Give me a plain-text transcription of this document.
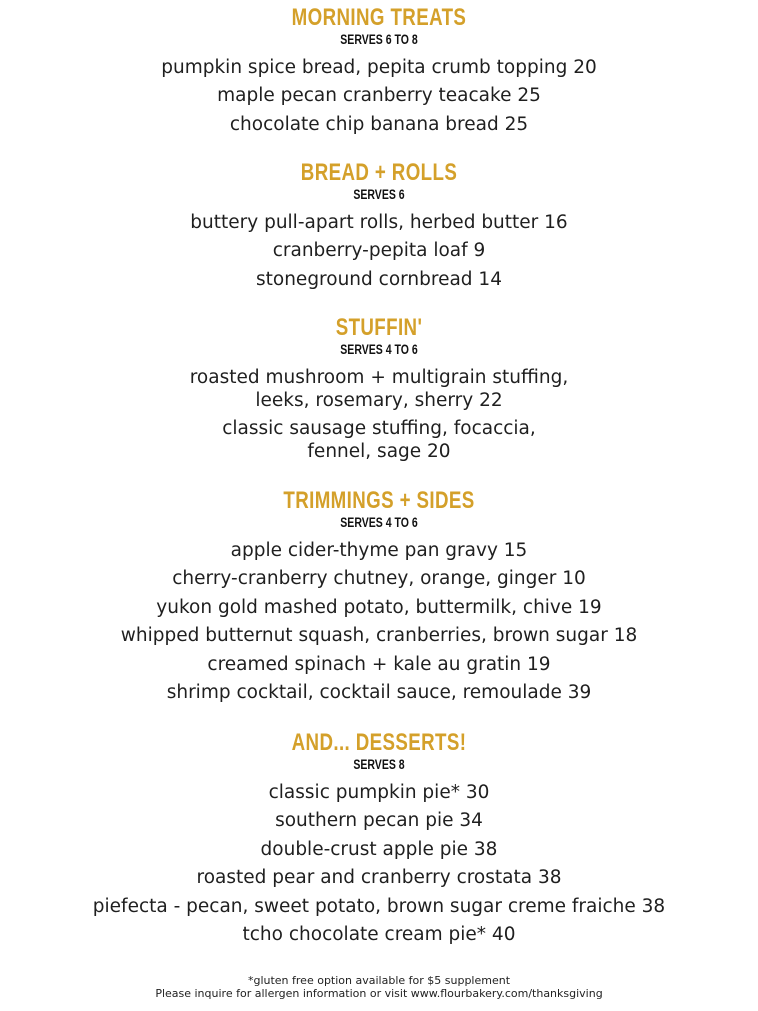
MORNING TREATS
SERVES 6 TO 8
pumpkin spice bread, pepita crumb topping 20
maple pecan cranberry teacake 25
chocolate chip banana bread 25
BREAD + ROLLS
SERVES 6
buttery pull-apart rolls, herbed butter 16
cranberry-pepita loaf 9
stoneground cornbread 14
STUFFIN'
SERVES 4 TO 6
roasted mushroom + multigrain stuffing,
leeks, rosemary, sherry 22
classic sausage stuffing, focaccia,
fennel, sage 20
TRIMMINGS + SIDES
SERVES 4 TO 6
apple cider-thyme pan gravy 15
cherry-cranberry chutney, orange, ginger 10
yukon gold mashed potato, buttermilk, chive 19
whipped butternut squash, cranberries, brown sugar 18
creamed spinach + kale au gratin 19
shrimp cocktail, cocktail sauce, remoulade 39
AND... DESSERTS!
SERVES 8
classic pumpkin pie* 30
southern pecan pie 34
double-crust apple pie 38
roasted pear and cranberry crostata 38
piefecta - pecan, sweet potato, brown sugar creme fraiche 38
tcho chocolate cream pie* 40
*gluten free option available for $5 supplement
Please inquire for allergen information or visit www.flourbakery.com/thanksgiving
